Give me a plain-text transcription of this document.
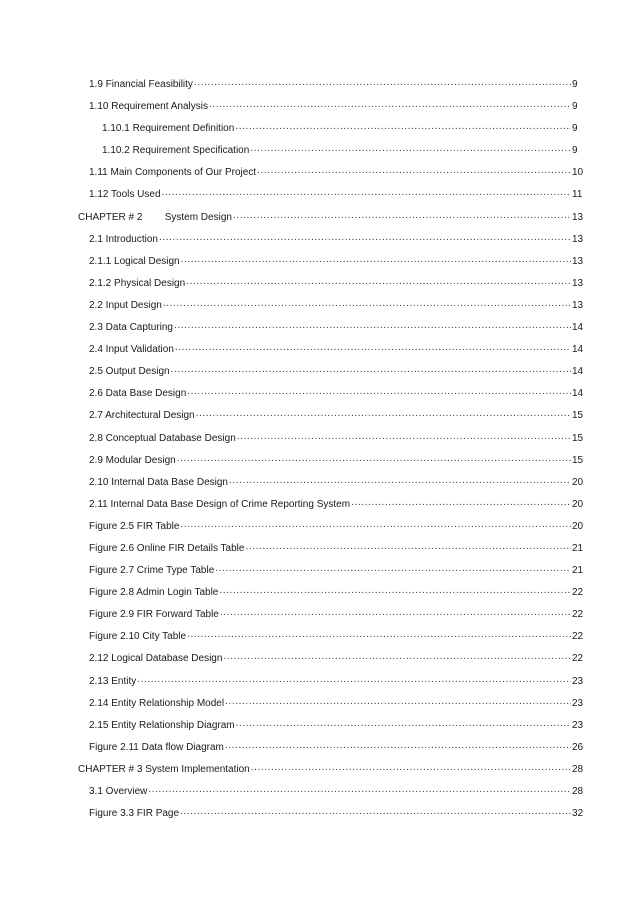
1.9 Financial Feasibility .....	9
1.10 Requirement Analysis .....	9
1.10.1 Requirement Definition .....	9
1.10.2 Requirement Specification .....	9
1.11 Main Components of Our Project .....	10
1.12 Tools Used .....	11
CHAPTER # 2        System Design .....	13
2.1 Introduction .....	13
2.1.1 Logical Design .....	13
2.1.2 Physical Design .....	13
2.2 Input Design .....	13
2.3 Data Capturing .....	14
2.4 Input Validation .....	14
2.5 Output Design .....	14
2.6 Data Base Design .....	14
2.7 Architectural Design .....	15
2.8 Conceptual Database Design .....	15
2.9 Modular Design .....	15
2.10 Internal Data Base Design .....	20
2.11 Internal Data Base Design of Crime Reporting System .....	20
Figure 2.5 FIR Table .....	20
Figure 2.6 Online FIR Details Table .....	21
Figure 2.7 Crime Type Table .....	21
Figure 2.8 Admin Login Table .....	22
Figure 2.9 FIR Forward Table .....	22
Figure 2.10 City Table .....	22
2.12 Logical Database Design .....	22
2.13 Entity .....	23
2.14 Entity Relationship Model .....	23
2.15 Entity Relationship Diagram .....	23
Figure 2.11 Data flow Diagram .....	26
CHAPTER # 3 System Implementation .....	28
3.1 Overview .....	28
Figure 3.3 FIR Page .....	32
